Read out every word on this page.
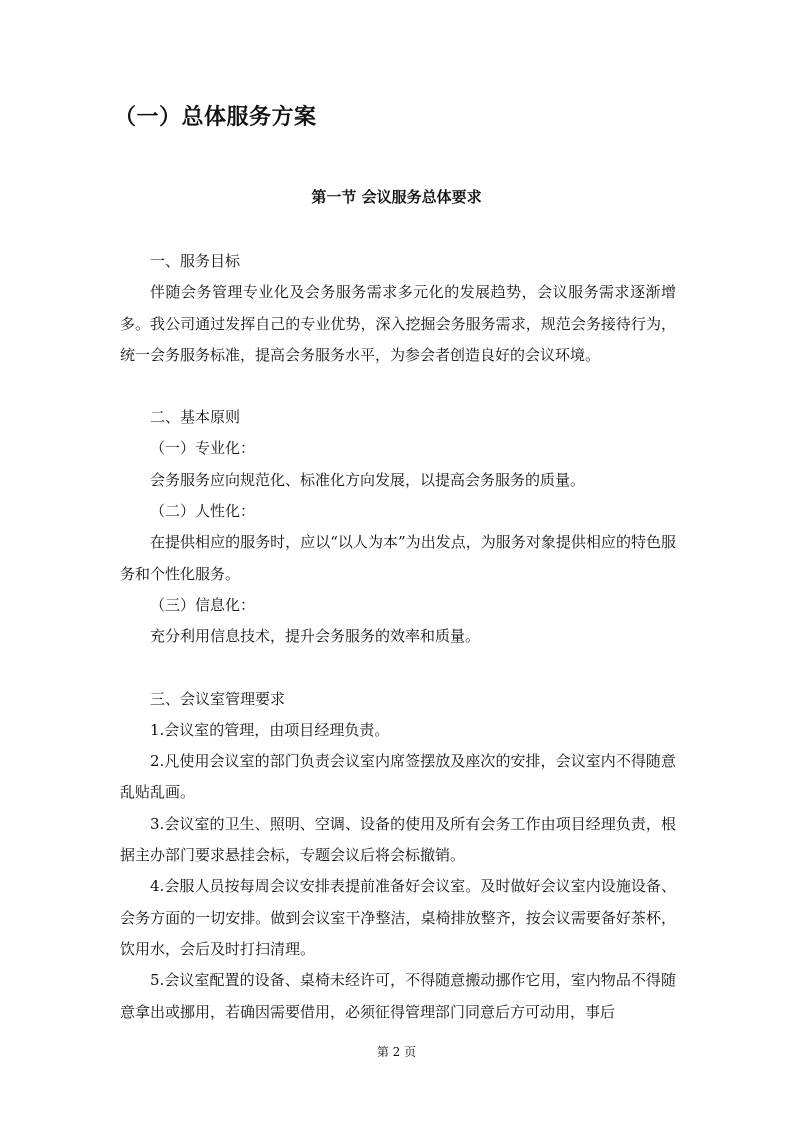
（一）总体服务方案
第一节 会议服务总体要求

一、服务目标

伴随会务管理专业化及会务服务需求多元化的发展趋势，会议服务需求逐渐增多。我公司通过发挥自己的专业优势，深入挖掘会务服务需求，规范会务接待行为，统一会务服务标准，提高会务服务水平，为参会者创造良好的会议环境。

二、基本原则

（一）专业化：

会务服务应向规范化、标准化方向发展，以提高会务服务的质量。

（二）人性化：

在提供相应的服务时，应以“以人为本”为出发点，为服务对象提供相应的特色服务和个性化服务。

（三）信息化：

充分利用信息技术，提升会务服务的效率和质量。

三、会议室管理要求

1.会议室的管理，由项目经理负责。

2.凡使用会议室的部门负责会议室内席签摆放及座次的安排，会议室内不得随意乱贴乱画。

3.会议室的卫生、照明、空调、设备的使用及所有会务工作由项目经理负责，根据主办部门要求悬挂会标，专题会议后将会标撤销。

4.会服人员按每周会议安排表提前准备好会议室。及时做好会议室内设施设备、会务方面的一切安排。做到会议室干净整洁，桌椅排放整齐，按会议需要备好茶杯，饮用水，会后及时打扫清理。

5.会议室配置的设备、桌椅未经许可，不得随意搬动挪作它用，室内物品不得随意拿出或挪用，若确因需要借用，必须征得管理部门同意后方可动用，事后

第 2 页
